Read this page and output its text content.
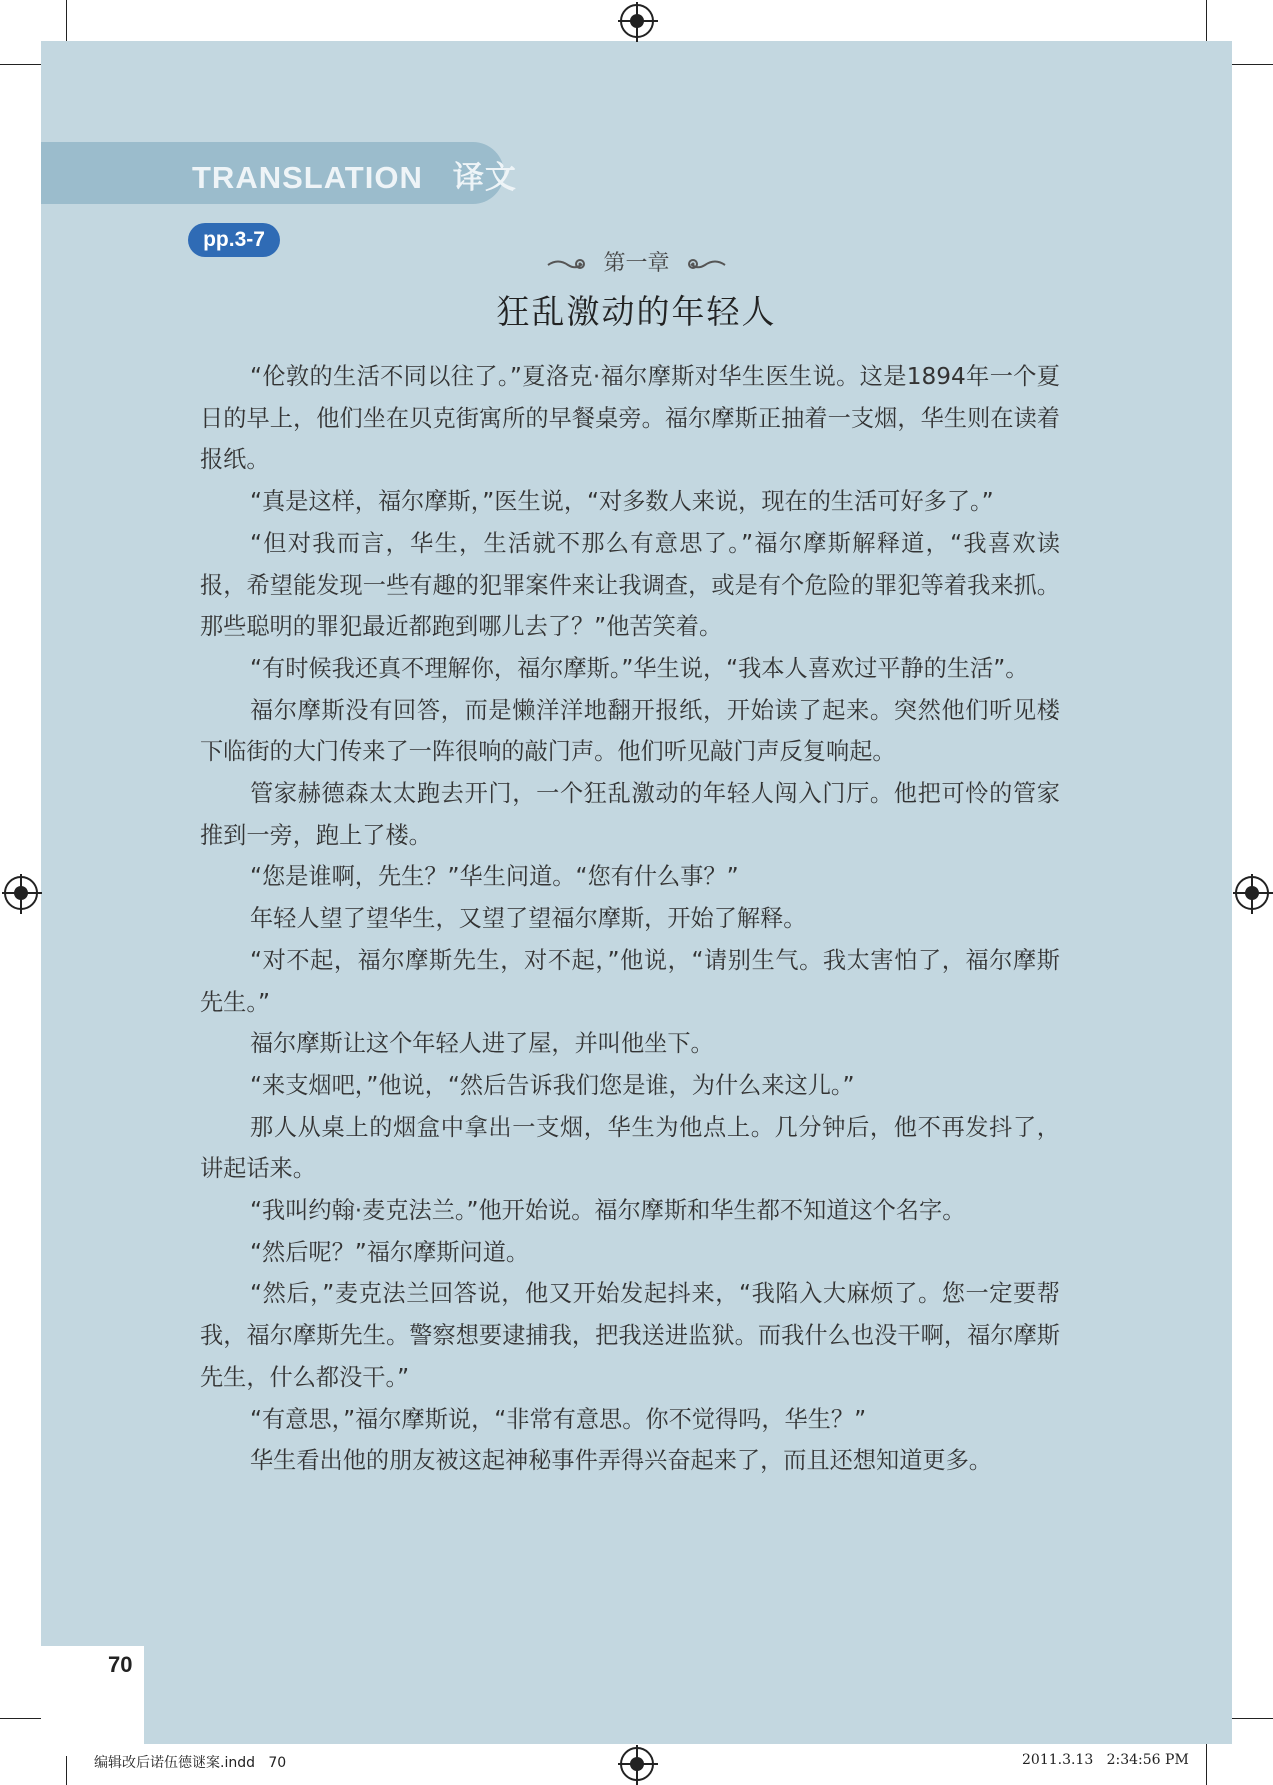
TRANSLATION 译文
pp.3-7
第一章
狂乱激动的年轻人

“伦敦的生活不同以往了。”夏洛克·福尔摩斯对华生医生说。这是1894年一个夏日的早上，他们坐在贝克街寓所的早餐桌旁。福尔摩斯正抽着一支烟，华生则在读着报纸。

“真是这样，福尔摩斯，”医生说，“对多数人来说，现在的生活可好多了。”

“但对我而言，华生，生活就不那么有意思了。”福尔摩斯解释道，“我喜欢读报，希望能发现一些有趣的犯罪案件来让我调查，或是有个危险的罪犯等着我来抓。那些聪明的罪犯最近都跑到哪儿去了？”他苦笑着。

“有时候我还真不理解你，福尔摩斯。”华生说，“我本人喜欢过平静的生活”。

福尔摩斯没有回答，而是懒洋洋地翻开报纸，开始读了起来。突然他们听见楼下临街的大门传来了一阵很响的敲门声。他们听见敲门声反复响起。

管家赫德森太太跑去开门，一个狂乱激动的年轻人闯入门厅。他把可怜的管家推到一旁，跑上了楼。

“您是谁啊，先生？”华生问道。“您有什么事？”

年轻人望了望华生，又望了望福尔摩斯，开始了解释。

“对不起，福尔摩斯先生，对不起，”他说，“请别生气。我太害怕了，福尔摩斯先生。”

福尔摩斯让这个年轻人进了屋，并叫他坐下。

“来支烟吧，”他说，“然后告诉我们您是谁，为什么来这儿。”

那人从桌上的烟盒中拿出一支烟，华生为他点上。几分钟后，他不再发抖了，讲起话来。

“我叫约翰·麦克法兰。”他开始说。福尔摩斯和华生都不知道这个名字。

“然后呢？”福尔摩斯问道。

“然后，”麦克法兰回答说，他又开始发起抖来，“我陷入大麻烦了。您一定要帮我，福尔摩斯先生。警察想要逮捕我，把我送进监狱。而我什么也没干啊，福尔摩斯先生，什么都没干。”

“有意思，”福尔摩斯说，“非常有意思。你不觉得吗，华生？”

华生看出他的朋友被这起神秘事件弄得兴奋起来了，而且还想知道更多。

70
编辑改后诺伍德谜案.indd   70	2011.3.13   2:34:56 PM
